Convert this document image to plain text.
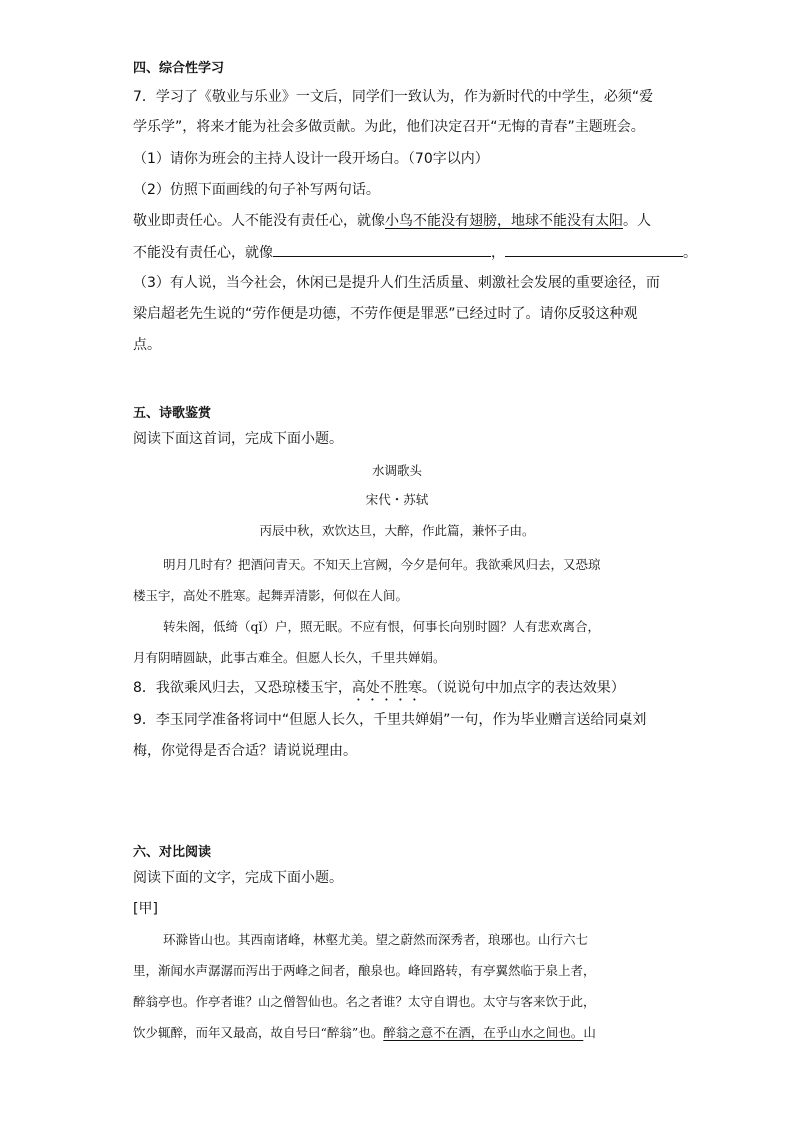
四、综合性学习
7．学习了《敬业与乐业》一文后，同学们一致认为，作为新时代的中学生，必须“爱
学乐学”，将来才能为社会多做贡献。为此，他们决定召开“无悔的青春”主题班会。
（1）请你为班会的主持人设计一段开场白。（70字以内）
（2）仿照下面画线的句子补写两句话。
敬业即责任心。人不能没有责任心，就像小鸟不能没有翅膀，地球不能没有太阳。人
不能没有责任心，就像	，	。
（3）有人说，当今社会，休闲已是提升人们生活质量、刺激社会发展的重要途径，而
梁启超老先生说的“劳作便是功德，不劳作便是罪恶”已经过时了。请你反驳这种观
点。
五、诗歌鉴赏
阅读下面这首词，完成下面小题。
水调歌头
宋代・苏轼
丙辰中秋，欢饮达旦，大醉，作此篇，兼怀子由。
明月几时有？把酒问青天。不知天上宫阙，今夕是何年。我欲乘风归去，又恐琼
楼玉宇，高处不胜寒。起舞弄清影，何似在人间。
转朱阁，低绮（qǐ）户，照无眠。不应有恨，何事长向别时圆？人有悲欢离合，
月有阴晴圆缺，此事古难全。但愿人长久，千里共婵娟。
8．我欲乘风归去，又恐琼楼玉宇，高处不胜寒。（说说句中加点字的表达效果）
9．李玉同学准备将词中“但愿人长久，千里共婵娟”一句，作为毕业赠言送给同桌刘
梅，你觉得是否合适？请说说理由。
六、对比阅读
阅读下面的文字，完成下面小题。
[甲]
环滁皆山也。其西南诸峰，林壑尤美。望之蔚然而深秀者，琅琊也。山行六七
里，渐闻水声潺潺而泻出于两峰之间者，酿泉也。峰回路转，有亭翼然临于泉上者，
醉翁亭也。作亭者谁？山之僧智仙也。名之者谁？太守自谓也。太守与客来饮于此，
饮少辄醉，而年又最高，故自号曰“醉翁”也。醉翁之意不在酒，在乎山水之间也。山
